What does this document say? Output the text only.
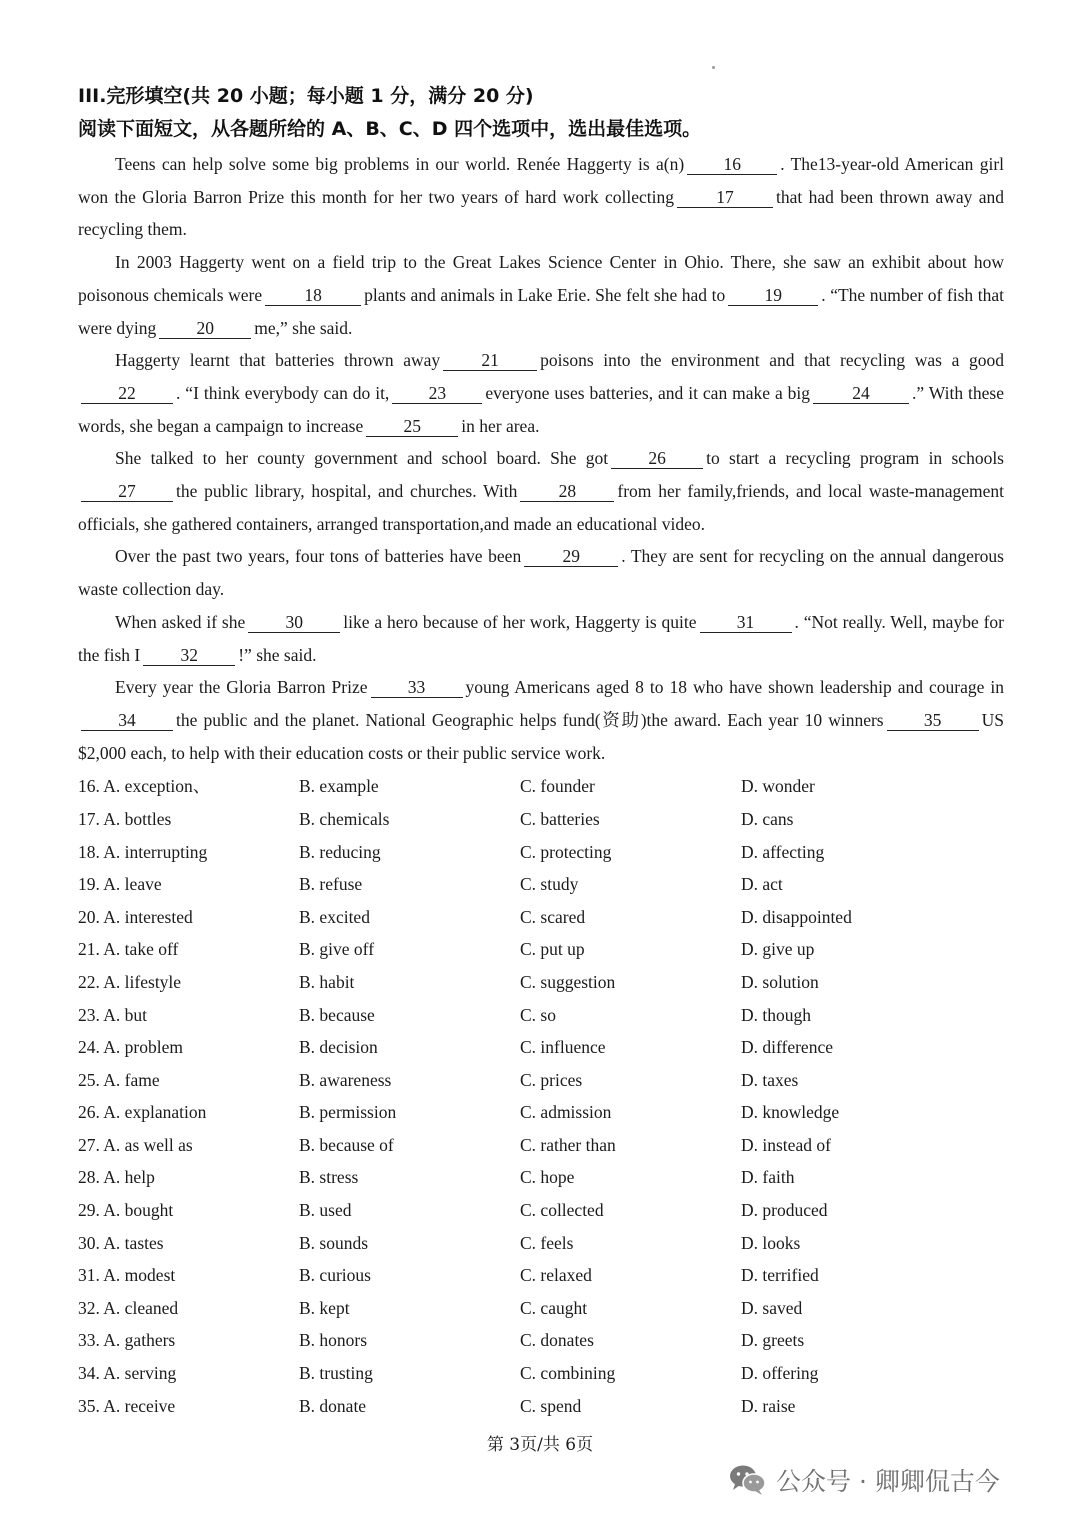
III.完形填空(共 20 小题；每小题 1 分，满分 20 分)
阅读下面短文，从各题所给的 A、B、C、D 四个选项中，选出最佳选项。

Teens can help solve some big problems in our world. Renée Haggerty is a(n) 16 . The13-year-old American girl won the Gloria Barron Prize this month for her two years of hard work collecting 17 that had been thrown away and recycling them.

In 2003 Haggerty went on a field trip to the Great Lakes Science Center in Ohio. There, she saw an exhibit about how poisonous chemicals were 18 plants and animals in Lake Erie. She felt she had to 19 . “The number of fish that were dying 20 me,” she said.

Haggerty learnt that batteries thrown away 21 poisons into the environment and that recycling was a good22 . “I think everybody can do it, 23 everyone uses batteries, and it can make a big 24 .” With these words, she began a campaign to increase 25 in her area.

She talked to her county government and school board. She got 26 to start a recycling program in schools27 the public library, hospital, and churches. With 28 from her family,friends, and local waste-management officials, she gathered containers, arranged transportation,and made an educational video.

Over the past two years, four tons of batteries have been 29 . They are sent for recycling on the annual dangerous waste collection day.

When asked if she 30 like a hero because of her work, Haggerty is quite 31 . “Not really. Well, maybe for the fish I 32 !” she said.

Every year the Gloria Barron Prize 33 young Americans aged 8 to 18 who have shown leadership and courage in34 the public and the planet. National Geographic helps fund(资助)the award. Each year 10 winners 35 US $2,000 each, to help with their education costs or their public service work.

16. A. exception、	B. example	C. founder	D. wonder
17. A. bottles	B. chemicals	C. batteries	D. cans
18. A. interrupting	B. reducing	C. protecting	D. affecting
19. A. leave	B. refuse	C. study	D. act
20. A. interested	B. excited	C. scared	D. disappointed
21. A. take off	B. give off	C. put up	D. give up
22. A. lifestyle	B. habit	C. suggestion	D. solution
23. A. but	B. because	C. so	D. though
24. A. problem	B. decision	C. influence	D. difference
25. A. fame	B. awareness	C. prices	D. taxes
26. A. explanation	B. permission	C. admission	D. knowledge
27. A. as well as	B. because of	C. rather than	D. instead of
28. A. help	B. stress	C. hope	D. faith
29. A. bought	B. used	C. collected	D. produced
30. A. tastes	B. sounds	C. feels	D. looks
31. A. modest	B. curious	C. relaxed	D. terrified
32. A. cleaned	B. kept	C. caught	D. saved
33. A. gathers	B. honors	C. donates	D. greets
34. A. serving	B. trusting	C. combining	D. offering
35. A. receive	B. donate	C. spend	D. raise
第 3页/共 6页
公众号 · 卿卿侃古今
